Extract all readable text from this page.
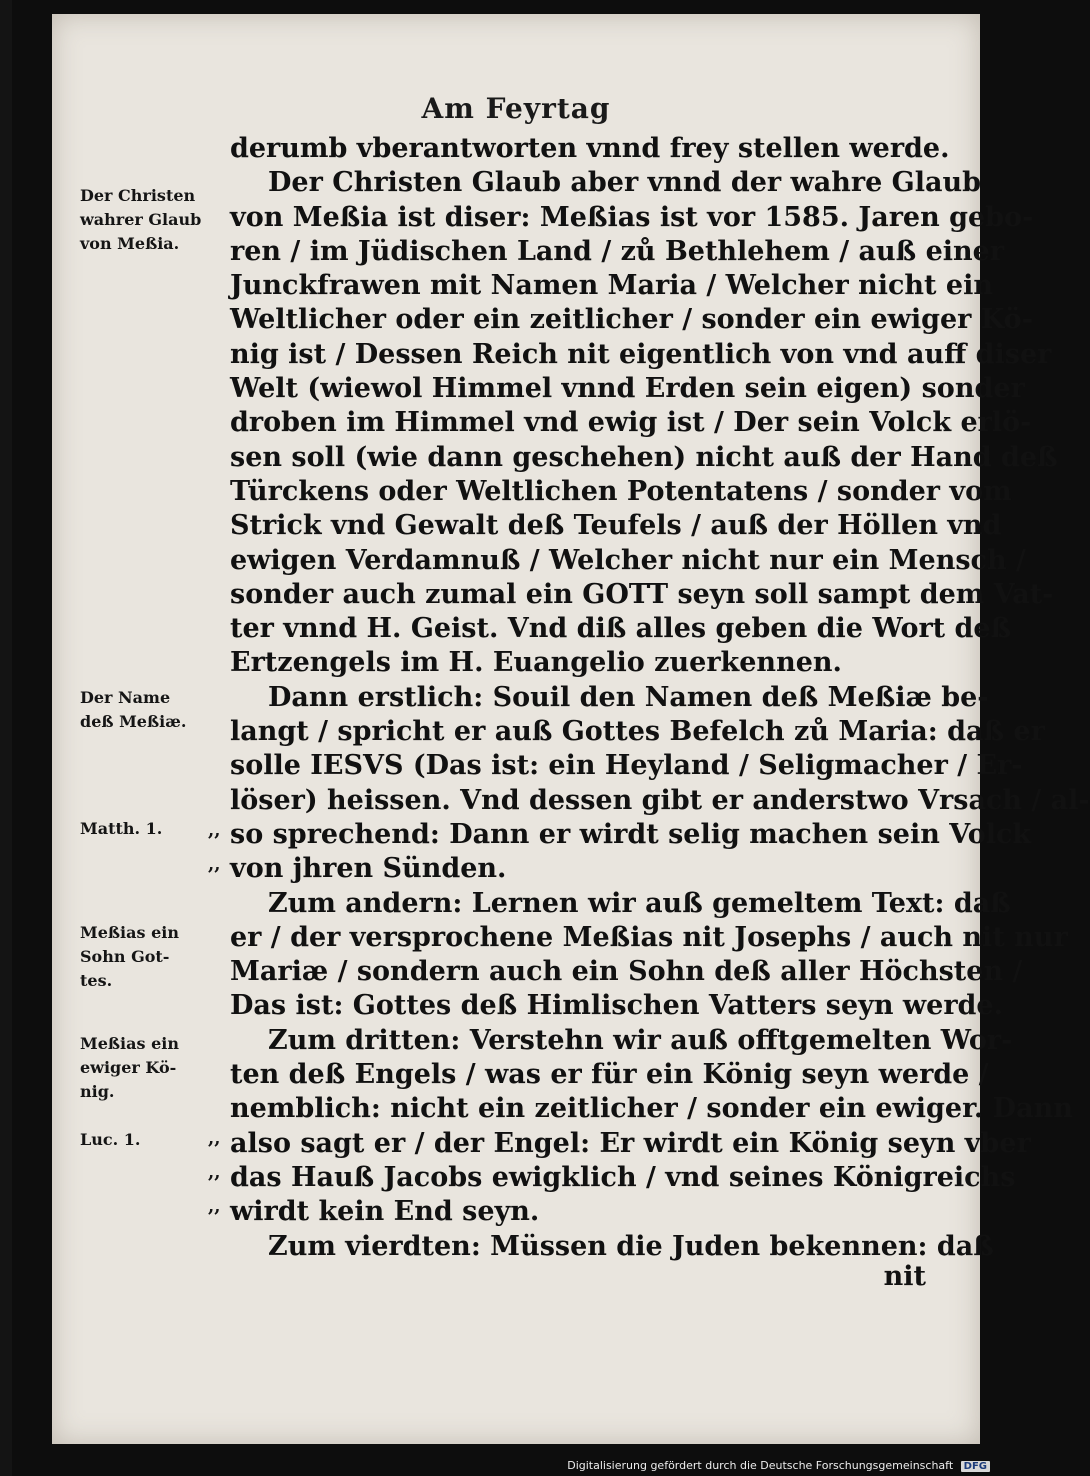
Am Feyrtag
Der Christen
wahrer Glaub
von Meßia.
Der Name
deß Meßiæ.
Matth. 1.
Meßias ein
Sohn Got-
tes.
Meßias ein
ewiger Kö-
nig.
Luc. 1.
,,
,,
,,
,,
,,
derumb vberantworten vnnd frey stellen werde.
Der Christen Glaub aber vnnd der wahre Glaub
von Meßia ist diser: Meßias ist vor 1585. Jaren gebo-
ren / im Jüdischen Land / zů Bethlehem / auß einer
Junckfrawen mit Namen Maria / Welcher nicht ein
Weltlicher oder ein zeitlicher / sonder ein ewiger Kö-
nig ist / Dessen Reich nit eigentlich von vnd auff diser
Welt (wiewol Himmel vnnd Erden sein eigen) sonder
droben im Himmel vnd ewig ist / Der sein Volck erlö-
sen soll (wie dann geschehen) nicht auß der Hand deß
Türckens oder Weltlichen Potentatens / sonder vom
Strick vnd Gewalt deß Teufels / auß der Höllen vnd
ewigen Verdamnuß / Welcher nicht nur ein Mensch /
sonder auch zumal ein GOTT seyn soll sampt dem Vat-
ter vnnd H. Geist. Vnd diß alles geben die Wort deß
Ertzengels im H. Euangelio zuerkennen.
Dann erstlich: Souil den Namen deß Meßiæ be-
langt / spricht er auß Gottes Befelch zů Maria: daß er
solle IESVS (Das ist: ein Heyland / Seligmacher / Er-
löser) heissen. Vnd dessen gibt er anderstwo Vrsach / al-
so sprechend: Dann er wirdt selig machen sein Volck
von jhren Sünden.
Zum andern: Lernen wir auß gemeltem Text: daß
er / der versprochene Meßias nit Josephs / auch nit nur
Mariæ / sondern auch ein Sohn deß aller Höchsten /
Das ist: Gottes deß Himlischen Vatters seyn werde.
Zum dritten: Verstehn wir auß offtgemelten Wor-
ten deß Engels / was er für ein König seyn werde /
nemblich: nicht ein zeitlicher / sonder ein ewiger. Dann
also sagt er / der Engel: Er wirdt ein König seyn vber
das Hauß Jacobs ewigklich / vnd seines Königreichs
wirdt kein End seyn.
Zum vierdten: Müssen die Juden bekennen: daß
nit
Digitalisierung gefördert durch die Deutsche Forschungsgemeinschaft DFG
